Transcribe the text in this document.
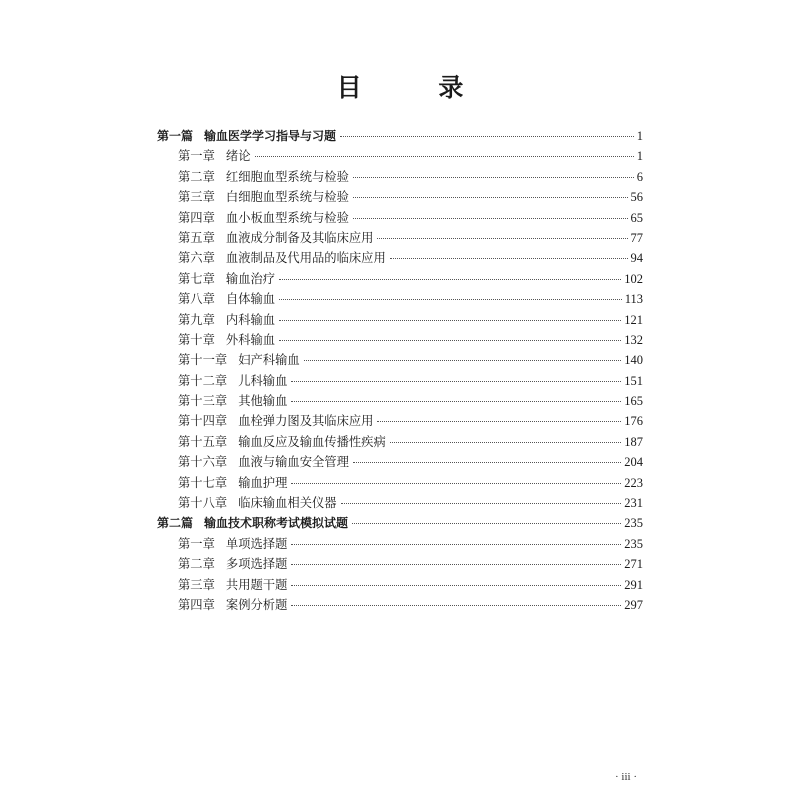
目 录
第一篇 输血医学学习指导与习题	1
第一章 绪论	1
第二章 红细胞血型系统与检验	6
第三章 白细胞血型系统与检验	56
第四章 血小板血型系统与检验	65
第五章 血液成分制备及其临床应用	77
第六章 血液制品及代用品的临床应用	94
第七章 输血治疗	102
第八章 自体输血	113
第九章 内科输血	121
第十章 外科输血	132
第十一章 妇产科输血	140
第十二章 儿科输血	151
第十三章 其他输血	165
第十四章 血栓弹力图及其临床应用	176
第十五章 输血反应及输血传播性疾病	187
第十六章 血液与输血安全管理	204
第十七章 输血护理	223
第十八章 临床输血相关仪器	231
第二篇 输血技术职称考试模拟试题	235
第一章 单项选择题	235
第二章 多项选择题	271
第三章 共用题干题	291
第四章 案例分析题	297
· iii ·
